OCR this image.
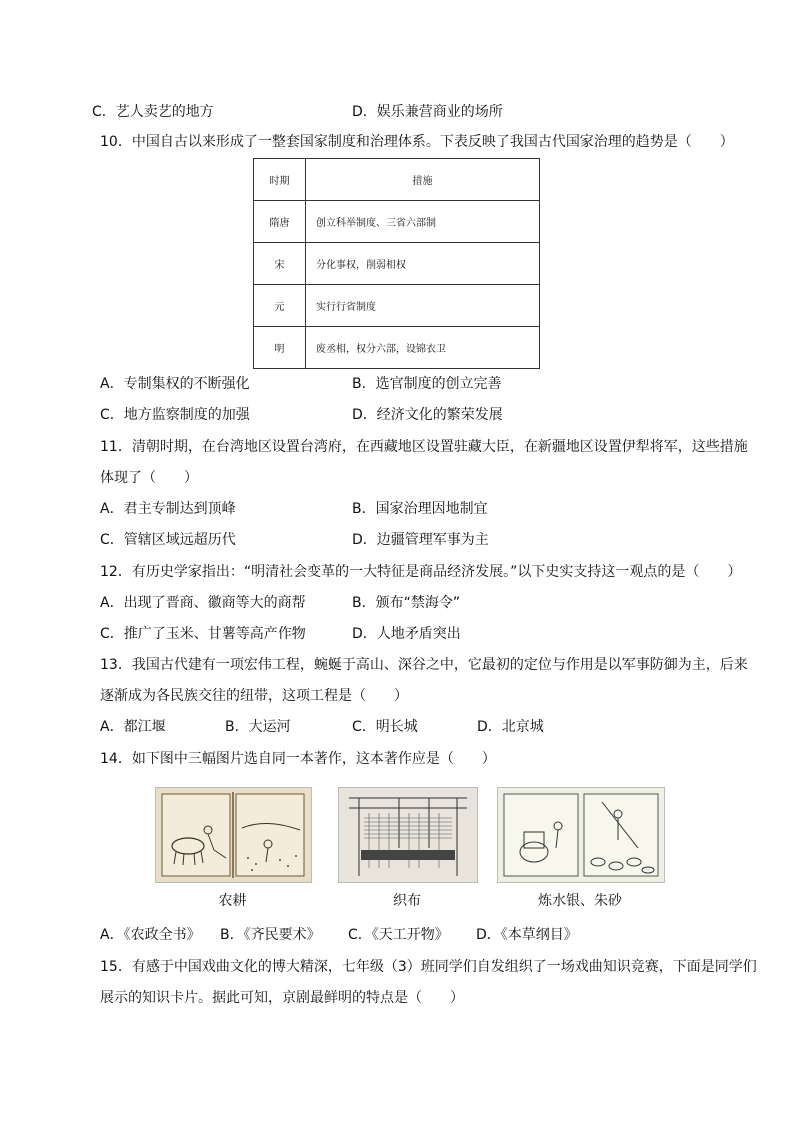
C．艺人卖艺的地方	D．娱乐兼营商业的场所
10．中国自古以来形成了一整套国家制度和治理体系。下表反映了我国古代国家治理的趋势是（　　）
时期	措施
隋唐	创立科举制度、三省六部制
宋	分化事权，削弱相权
元	实行行省制度
明	废丞相，权分六部，设锦衣卫
A．专制集权的不断强化	B．选官制度的创立完善
C．地方监察制度的加强	D．经济文化的繁荣发展
11．清朝时期，在台湾地区设置台湾府，在西藏地区设置驻藏大臣，在新疆地区设置伊犁将军，这些措施
体现了（　　）
A．君主专制达到顶峰	B．国家治理因地制宜
C．管辖区域远超历代	D．边疆管理军事为主
12．有历史学家指出：“明清社会变革的一大特征是商品经济发展。”以下史实支持这一观点的是（　　）
A．出现了晋商、徽商等大的商帮	B．颁布“禁海令”
C．推广了玉米、甘薯等高产作物	D．人地矛盾突出
13．我国古代建有一项宏伟工程，蜿蜒于高山、深谷之中，它最初的定位与作用是以军事防御为主，后来
逐渐成为各民族交往的纽带，这项工程是（　　）
A．都江堰	B．大运河	C．明长城	D．北京城
14．如下图中三幅图片选自同一本著作，这本著作应是（　　）
农耕	织布	炼水银、朱砂
A．《农政全书》 B．《齐民要术》 C．《天工开物》 D．《本草纲目》
15．有感于中国戏曲文化的博大精深，七年级（3）班同学们自发组织了一场戏曲知识竞赛，下面是同学们
展示的知识卡片。据此可知，京剧最鲜明的特点是（　　）
